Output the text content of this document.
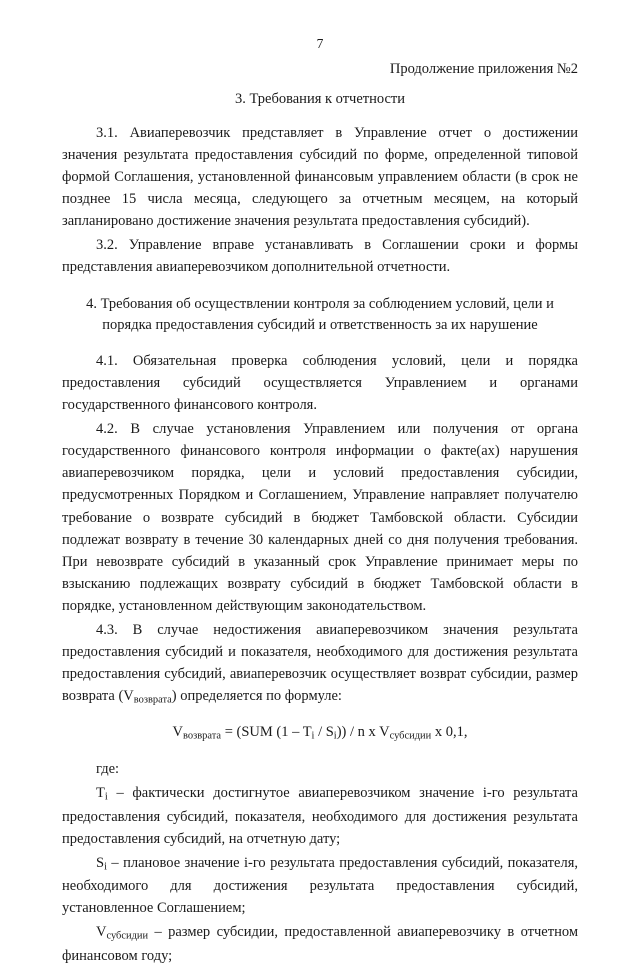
7
Продолжение приложения №2
3. Требования к отчетности

3.1. Авиаперевозчик представляет в Управление отчет о достижении значения результата предоставления субсидий по форме, определенной типовой формой Соглашения, установленной финансовым управлением области (в срок не позднее 15 числа месяца, следующего за отчетным месяцем, на который запланировано достижение значения результата предоставления субсидий).

3.2. Управление вправе устанавливать в Соглашении сроки и формы представления авиаперевозчиком дополнительной отчетности.

4. Требования об осуществлении контроля за соблюдением условий, цели и
порядка предоставления субсидий и ответственность за их нарушение

4.1. Обязательная проверка соблюдения условий, цели и порядка предоставления субсидий осуществляется Управлением и органами государственного финансового контроля.

4.2. В случае установления Управлением или получения от органа государственного финансового контроля информации о факте(ах) нарушения авиаперевозчиком порядка, цели и условий предоставления субсидии, предусмотренных Порядком и Соглашением, Управление направляет получателю требование о возврате субсидий в бюджет Тамбовской области. Субсидии подлежат возврату в течение 30 календарных дней со дня получения требования. При невозврате субсидий в указанный срок Управление принимает меры по взысканию подлежащих возврату субсидий в бюджет Тамбовской области в порядке, установленном действующим законодательством.

4.3. В случае недостижения авиаперевозчиком значения результата предоставления субсидий и показателя, необходимого для достижения результата предоставления субсидий, авиаперевозчик осуществляет возврат субсидии, размер возврата $(V_{возврата})$ определяется по формуле:

$V_{возврата} = (SUM$ $(1 - T_i / S_i)$) / n x $V_{субсидии}$ x 0,1,

где:

$T_i$ – фактически достигнутое авиаперевозчиком значение i-го результата предоставления субсидий, показателя, необходимого для достижения результата предоставления субсидий, на отчетную дату;

$S_i$ – плановое значение i-го результата предоставления субсидий, показателя, необходимого для достижения результата предоставления субсидий, установленное Соглашением;

$V_{субсидии}$ – размер субсидии, предоставленной авиаперевозчику в отчетном финансовом году;
